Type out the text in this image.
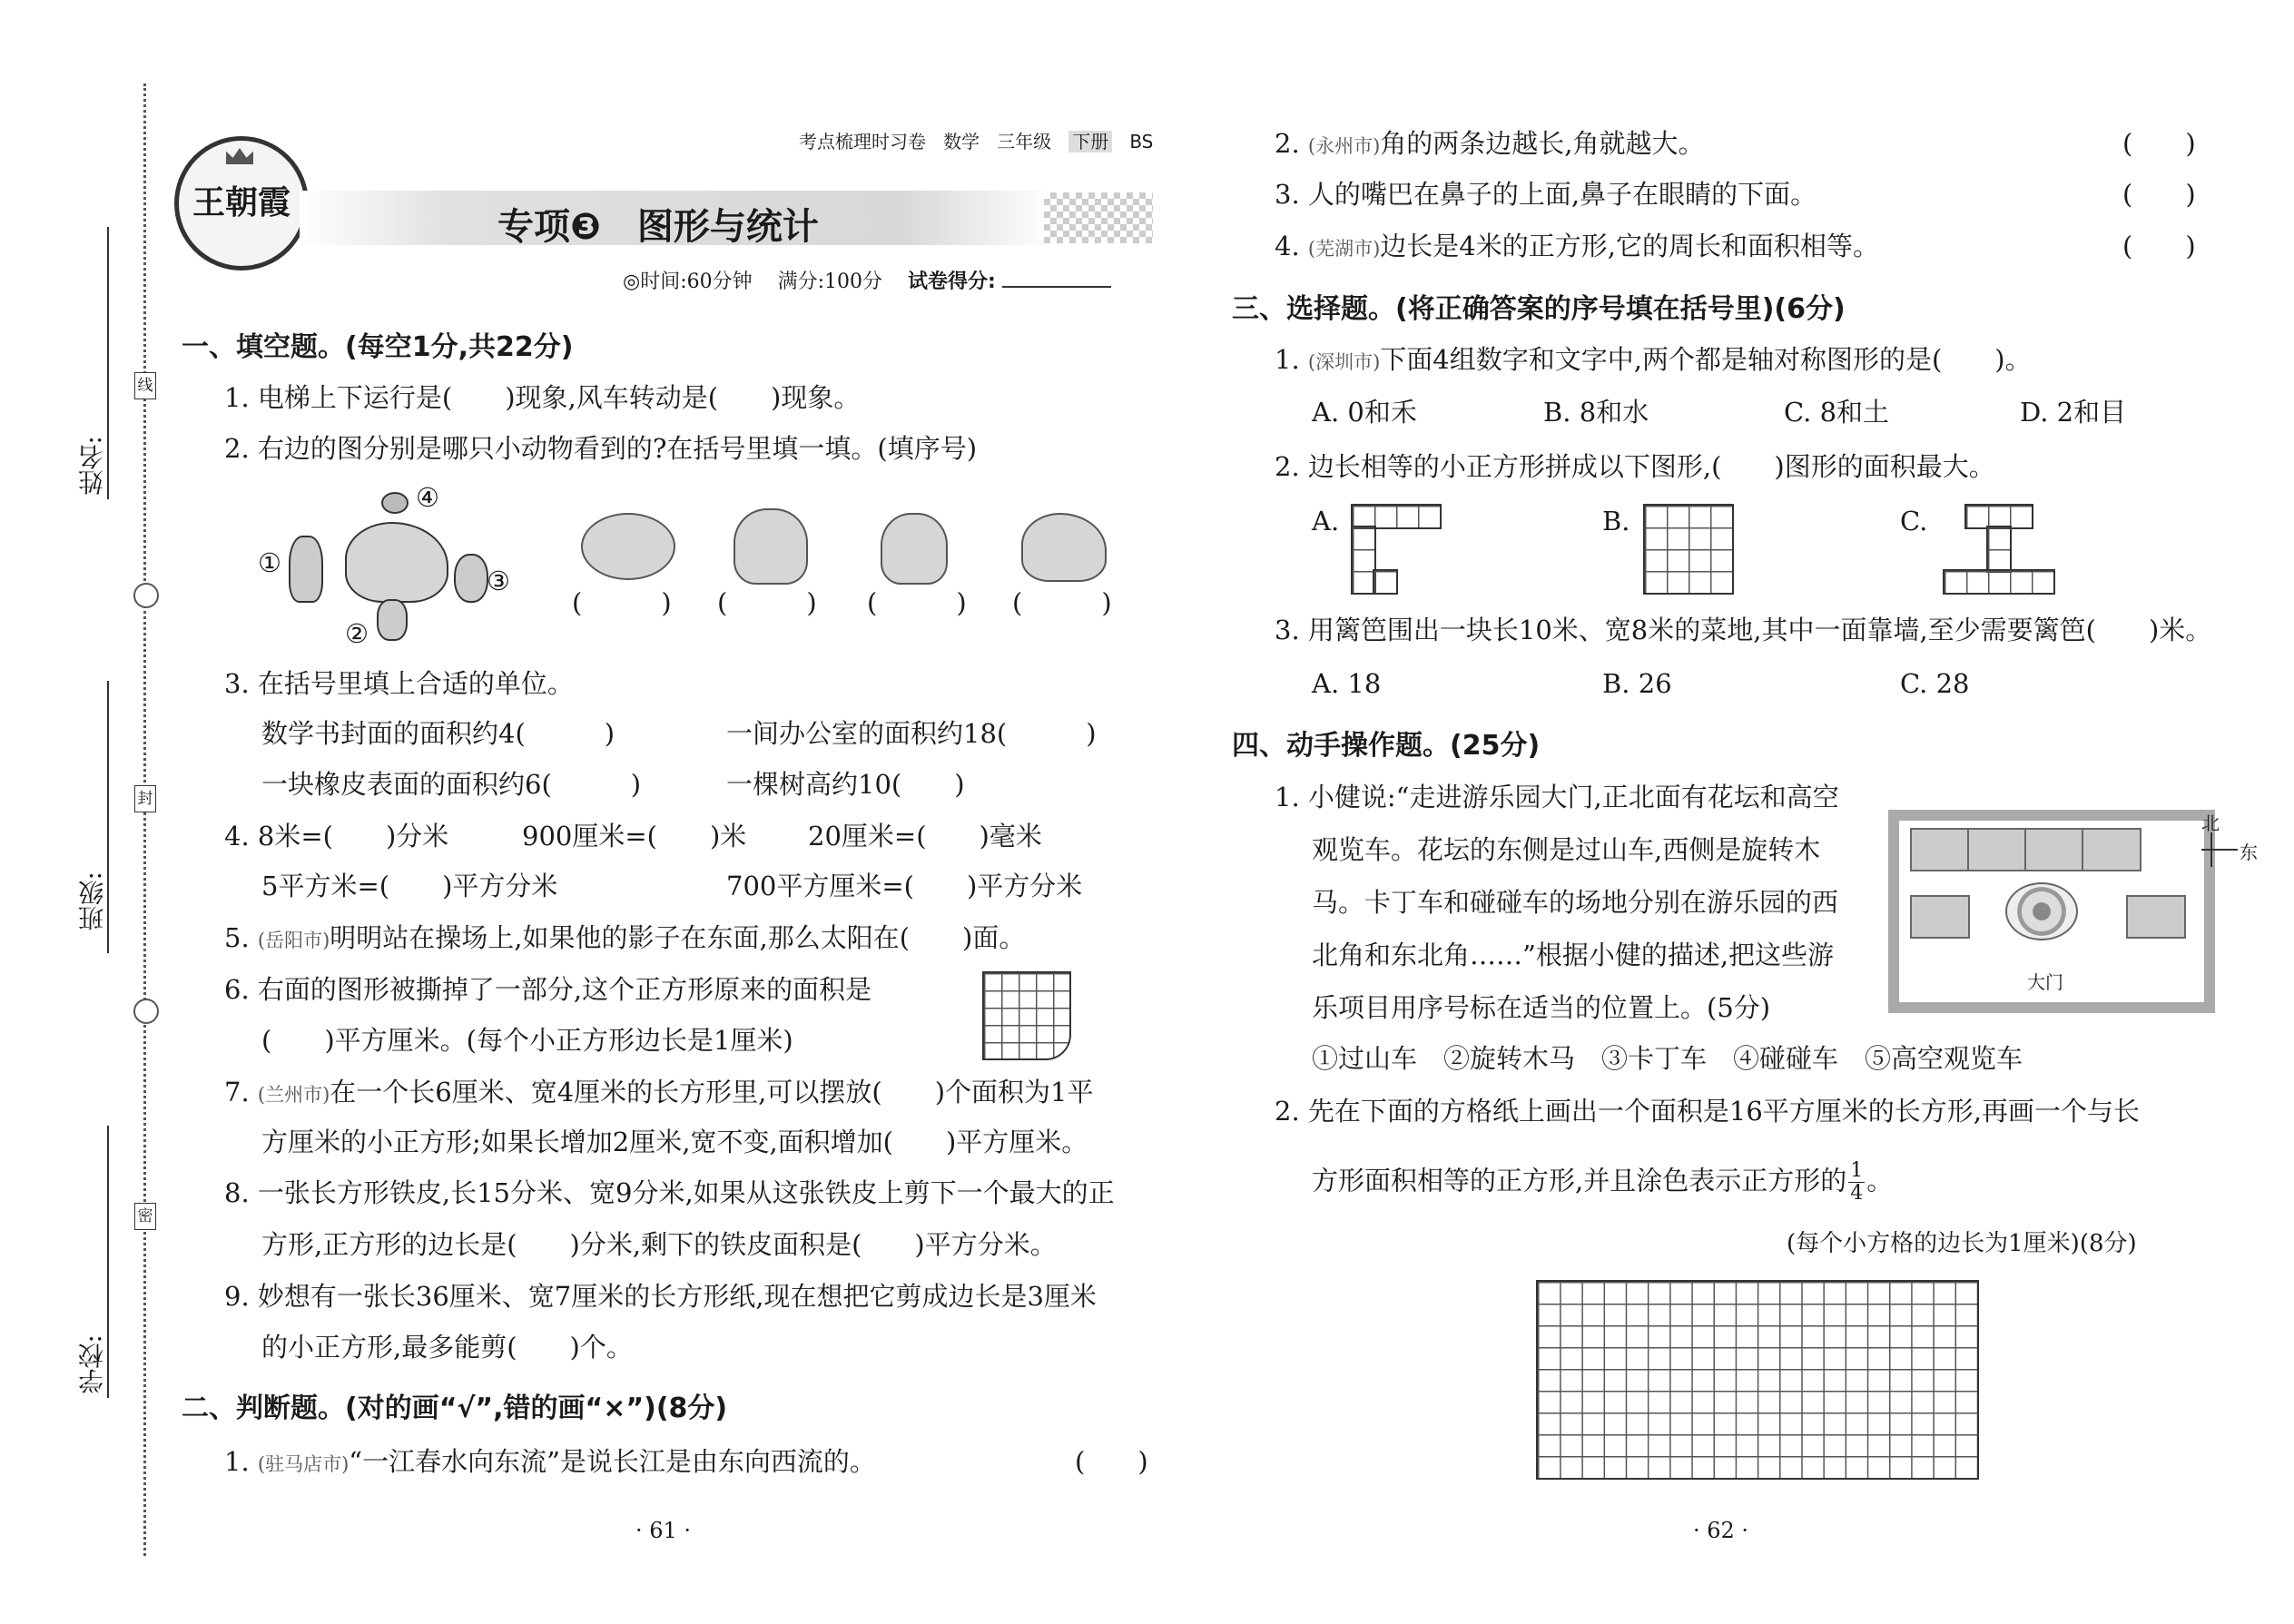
姓名:
班级:
学校:
线
封
密
王朝霞
考点梳理时习卷 数学 三年级 下册 BS
专项❸　图形与统计
◎时间:60分钟 满分:100分 试卷得分:
一、填空题。(每空1分,共22分)
1. 电梯上下运行是(　　)现象,风车转动是(　　)现象。
2. 右边的图分别是哪只小动物看到的?在括号里填一填。(填序号)
①
②
③
④
(　　　) (　　　) (　　　) (　　　)
3. 在括号里填上合适的单位。
数学书封面的面积约4(　　　)	一间办公室的面积约18(　　　)
一块橡皮表面的面积约6(　　　)	一棵树高约10(　　)
4. 8米=(　　)分米	900厘米=(　　)米 20厘米=(　　)毫米
5平方米=(　　)平方分米	700平方厘米=(　　)平方分米
5. (岳阳市)明明站在操场上,如果他的影子在东面,那么太阳在(　　)面。
6. 右面的图形被撕掉了一部分,这个正方形原来的面积是
(　　)平方厘米。(每个小正方形边长是1厘米)
7. (兰州市)在一个长6厘米、宽4厘米的长方形里,可以摆放(　　)个面积为1平
方厘米的小正方形;如果长增加2厘米,宽不变,面积增加(　　)平方厘米。
8. 一张长方形铁皮,长15分米、宽9分米,如果从这张铁皮上剪下一个最大的正
方形,正方形的边长是(　　)分米,剩下的铁皮面积是(　　)平方分米。
9. 妙想有一张长36厘米、宽7厘米的长方形纸,现在想把它剪成边长是3厘米
的小正方形,最多能剪(　　)个。
二、判断题。(对的画“√”,错的画“×”)(8分)
1. (驻马店市)“一江春水向东流”是说长江是由东向西流的。	(　　)
· 61 ·
2. (永州市)角的两条边越长,角就越大。	(　　)
3. 人的嘴巴在鼻子的上面,鼻子在眼睛的下面。	(　　)
4. (芜湖市)边长是4米的正方形,它的周长和面积相等。	(　　)
三、选择题。(将正确答案的序号填在括号里)(6分)
1. (深圳市)下面4组数字和文字中,两个都是轴对称图形的是(　　)。
A. 0和禾	B. 8和水	C. 8和土	D. 2和目
2. 边长相等的小正方形拼成以下图形,(　　)图形的面积最大。
A.	B.	C.
3. 用篱笆围出一块长10米、宽8米的菜地,其中一面靠墙,至少需要篱笆(　　)米。
A. 18	B. 26	C. 28
四、动手操作题。(25分)
1. 小健说:“走进游乐园大门,正北面有花坛和高空
观览车。花坛的东侧是过山车,西侧是旋转木
马。卡丁车和碰碰车的场地分别在游乐园的西
北角和东北角……”根据小健的描述,把这些游
乐项目用序号标在适当的位置上。(5分)
①过山车　②旋转木马　③卡丁车　④碰碰车　⑤高空观览车
大门
北
东
2. 先在下面的方格纸上画出一个面积是16平方厘米的长方形,再画一个与长
方形面积相等的正方形,并且涂色表示正方形的 $\frac{1}{4}$ 。
(每个小方格的边长为1厘米)(8分)
· 62 ·
